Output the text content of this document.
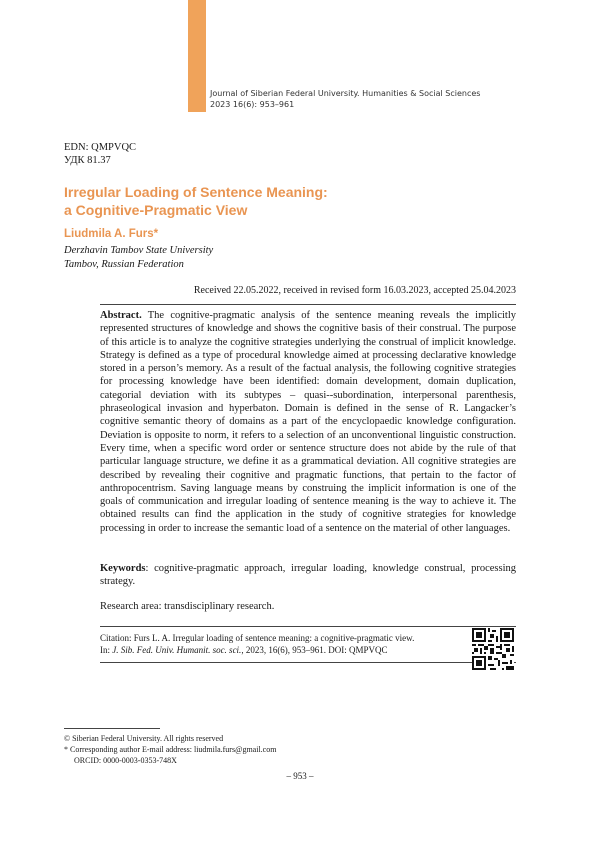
Journal of Siberian Federal University. Humanities & Social Sciences
2023 16(6): 953–961
EDN: QMPVQC
УДК 81.37
Irregular Loading of Sentence Meaning:
a Cognitive-Pragmatic View
Liudmila A. Furs*
Derzhavin Tambov State University
Tambov, Russian Federation
Received 22.05.2022, received in revised form 16.03.2023, accepted 25.04.2023
Abstract. The cognitive-pragmatic analysis of the sentence meaning reveals the implicitly represented structures of knowledge and shows the cognitive basis of their construal. The purpose of this article is to analyze the cognitive strategies underlying the construal of implicit knowledge. Strategy is defined as a type of procedural knowledge aimed at processing declarative knowledge stored in a person’s memory. As a result of the factual analysis, the following cognitive strategies for processing knowledge have been identified: domain development, domain duplication, categorial deviation with its subtypes – quasi--subordination, interpersonal parenthesis, phraseological invasion and hyperbaton. Domain is defined in the sense of R. Langacker’s cognitive semantic theory of domains as a part of the encyclopaedic knowledge configuration. Deviation is opposite to norm, it refers to a selection of an unconventional linguistic construction. Every time, when a specific word order or sentence structure does not abide by the rule of that particular language structure, we define it as a grammatical deviation. All cognitive strategies are described by revealing their cognitive and pragmatic functions, that pertain to the factor of anthropocentrism. Saving language means by construing the implicit information is one of the goals of communication and irregular loading of sentence meaning is the way to achieve it. The obtained results can find the application in the study of cognitive strategies for knowledge processing in order to increase the semantic load of a sentence on the material of other languages.
Keywords: cognitive-pragmatic approach, irregular loading, knowledge construal, processing strategy.
Research area: transdisciplinary research.
Citation: Furs L. A. Irregular loading of sentence meaning: a cognitive-pragmatic view.
In: J. Sib. Fed. Univ. Humanit. soc. sci., 2023, 16(6), 953–961. DOI: QMPVQC
© Siberian Federal University. All rights reserved
* Corresponding author E-mail address: liudmila.furs@gmail.com
ORCID: 0000-0003-0353-748X
– 953 –
